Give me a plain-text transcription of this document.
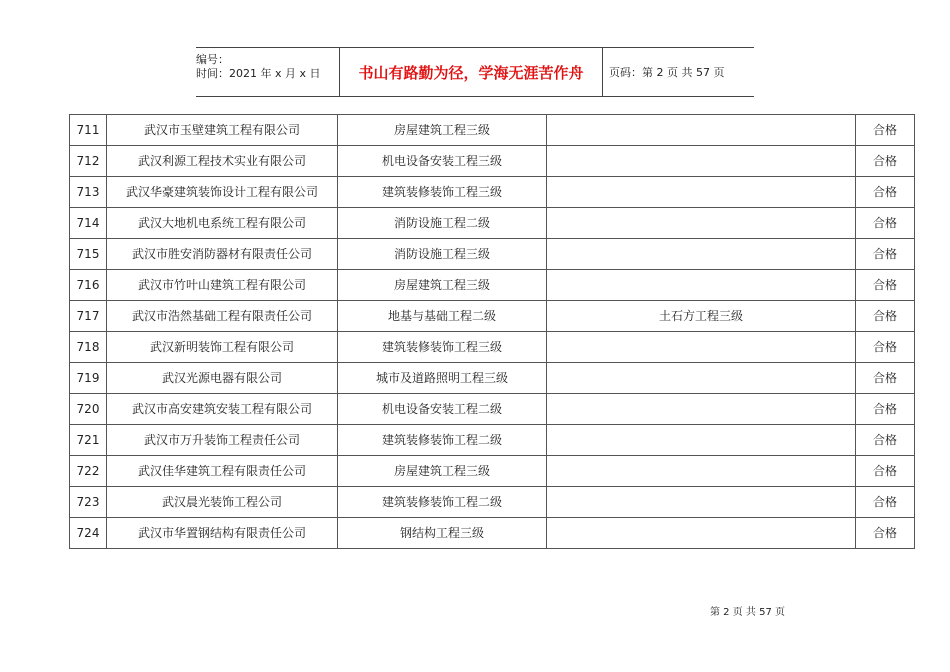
编号：
时间：2021 年 x 月 x 日	书山有路勤为径，学海无涯苦作舟	页码：第 2 页 共 57 页
711	武汉市玉壁建筑工程有限公司	房屋建筑工程三级		合格
712	武汉利源工程技术实业有限公司	机电设备安装工程三级		合格
713	武汉华豪建筑装饰设计工程有限公司	建筑装修装饰工程三级		合格
714	武汉大地机电系统工程有限公司	消防设施工程二级		合格
715	武汉市胜安消防器材有限责任公司	消防设施工程三级		合格
716	武汉市竹叶山建筑工程有限公司	房屋建筑工程三级		合格
717	武汉市浩然基础工程有限责任公司	地基与基础工程二级	土石方工程三级	合格
718	武汉新明装饰工程有限公司	建筑装修装饰工程三级		合格
719	武汉光源电器有限公司	城市及道路照明工程三级		合格
720	武汉市高安建筑安装工程有限公司	机电设备安装工程二级		合格
721	武汉市万升装饰工程责任公司	建筑装修装饰工程二级		合格
722	武汉佳华建筑工程有限责任公司	房屋建筑工程三级		合格
723	武汉晨光装饰工程公司	建筑装修装饰工程二级		合格
724	武汉市华置钢结构有限责任公司	钢结构工程三级		合格
第 2 页 共 57 页
